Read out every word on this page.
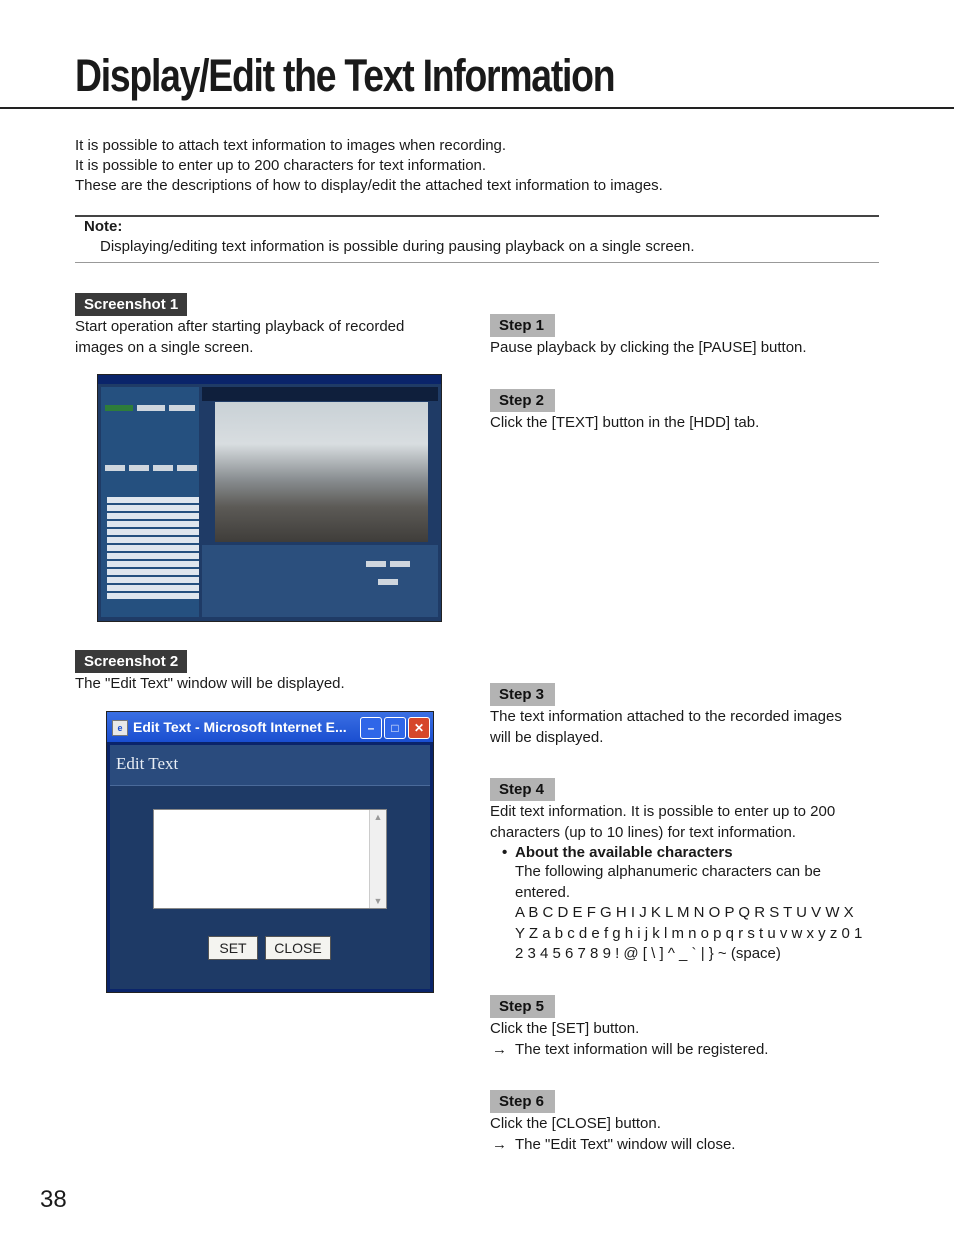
Display/Edit the Text Information
It is possible to attach text information to images when recording.
It is possible to enter up to 200 characters for text information.
These are the descriptions of how to display/edit the attached text information to images.
Note:
Displaying/editing text information is possible during pausing playback on a single screen.
Screenshot 1
Start operation after starting playback of recorded
images on a single screen.
Screenshot 2
The "Edit Text" window will be displayed.
e Edit Text - Microsoft Internet E...	–	□	✕
Edit Text
▲
▼
SET	CLOSE
Step 1
Pause playback by clicking the [PAUSE] button.
Step 2
Click the [TEXT] button in the [HDD] tab.
Step 3
The text information attached to the recorded images
will be displayed.
Step 4
Edit text information. It is possible to enter up to 200
characters (up to 10 lines) for text information.
• About the available characters
The following alphanumeric characters can be
entered.
A B C D E F G H I J K L M N O P Q R S T U V W X
Y Z a b c d e f g h i j k l m n o p q r s t u v w x y z 0 1
2 3 4 5 6 7 8 9 ! @ [ \ ] ^ _ ` | } ~ (space)
Step 5
Click the [SET] button.
→ The text information will be registered.
Step 6
Click the [CLOSE] button.
→ The "Edit Text" window will close.
38
